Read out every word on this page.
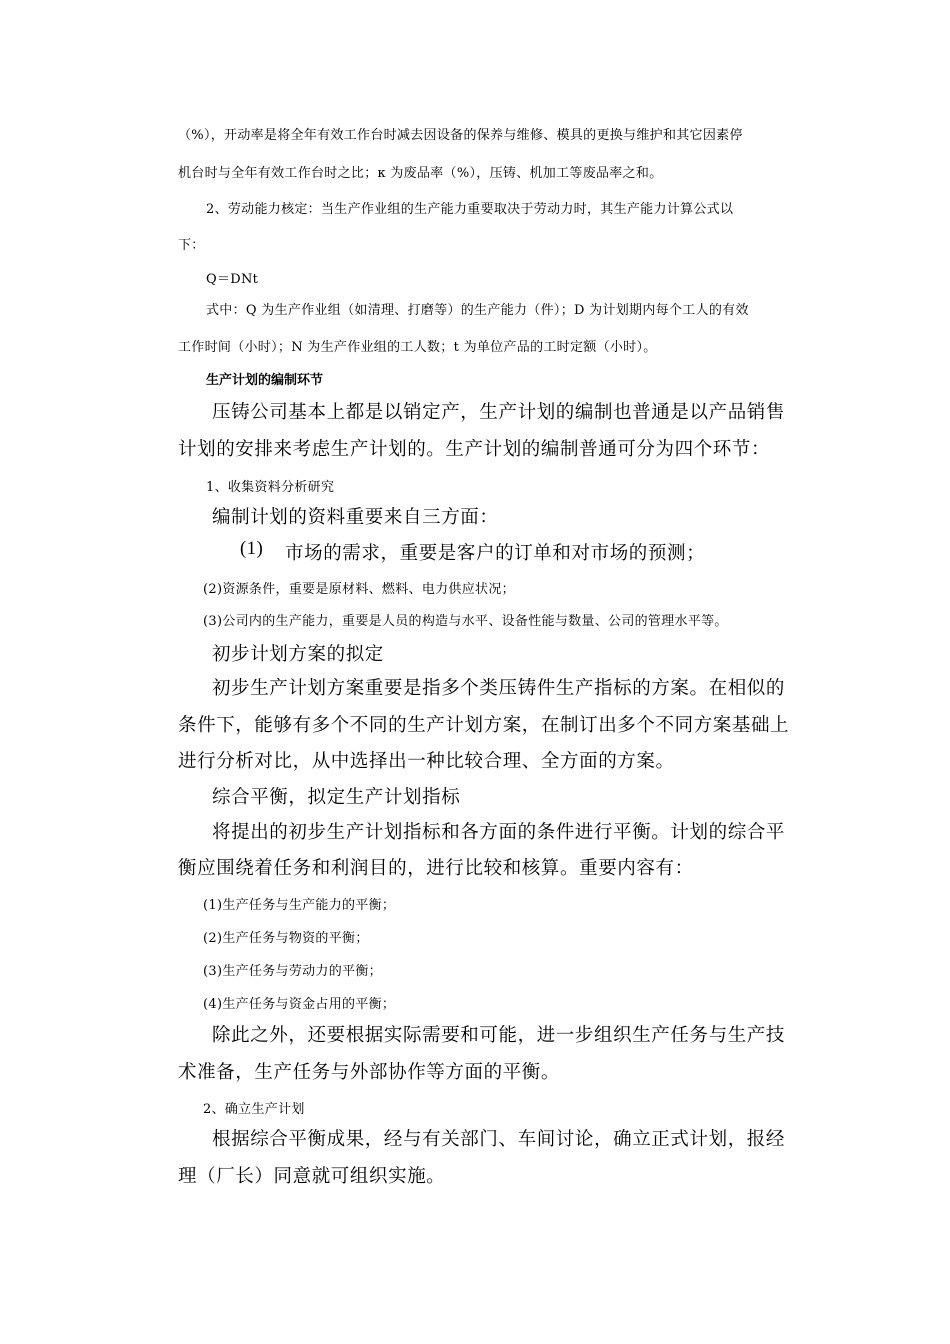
（%），开动率是将全年有效工作台时减去因设备的保养与维修、模具的更换与维护和其它因素停
机台时与全年有效工作台时之比；κ 为废品率（%），压铸、机加工等废品率之和。
2、劳动能力核定：当生产作业组的生产能力重要取决于劳动力时，其生产能力计算公式以
下：
Q＝DNt
式中：Q 为生产作业组（如清理、打磨等）的生产能力（件）；D 为计划期内每个工人的有效
工作时间（小时）；N 为生产作业组的工人数；t 为单位产品的工时定额（小时）。
生产计划的编制环节
压铸公司基本上都是以销定产，生产计划的编制也普通是以产品销售
计划的安排来考虑生产计划的。生产计划的编制普通可分为四个环节：
1、收集资料分析研究
编制计划的资料重要来自三方面：
(1) 市场的需求，重要是客户的订单和对市场的预测；
(2)资源条件，重要是原材料、燃料、电力供应状况；
(3)公司内的生产能力，重要是人员的构造与水平、设备性能与数量、公司的管理水平等。
初步计划方案的拟定
初步生产计划方案重要是指多个类压铸件生产指标的方案。在相似的
条件下，能够有多个不同的生产计划方案，在制订出多个不同方案基础上
进行分析对比，从中选择出一种比较合理、全方面的方案。
综合平衡，拟定生产计划指标
将提出的初步生产计划指标和各方面的条件进行平衡。计划的综合平
衡应围绕着任务和利润目的，进行比较和核算。重要内容有：
(1)生产任务与生产能力的平衡；
(2)生产任务与物资的平衡；
(3)生产任务与劳动力的平衡；
(4)生产任务与资金占用的平衡；
除此之外，还要根据实际需要和可能，进一步组织生产任务与生产技
术准备，生产任务与外部协作等方面的平衡。
2、确立生产计划
根据综合平衡成果，经与有关部门、车间讨论，确立正式计划，报经
理（厂长）同意就可组织实施。
